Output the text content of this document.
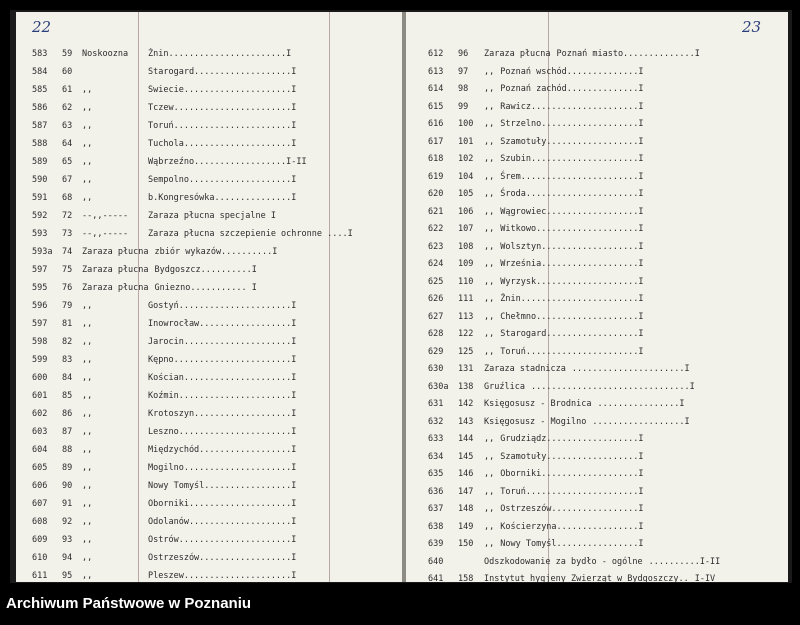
22
583	59	Noskoozna	Żnin.......................I
584	60	Starogard...................I
585	61	,,	Swiecie.....................I
586	62	,,	Tczew.......................I
587	63	,,	Toruń.......................I
588	64	,,	Tuchola.....................I
589	65	,,	Wąbrzeźno..................I-II
590	67	,,	Sempolno....................I
591	68	,,	b.Kongresówka...............I
592	72	--,,-----	Zaraza płucna specjalne I
593	73	--,,-----	Zaraza płucna szczepienie ochronne ....I
593a	74	Zaraza płucna zbiór wykazów..........I
597	75	Zaraza płucna Bydgoszcz..........I
595	76	Zaraza płucna Gniezno........... I
596	79	,,	Gostyń......................I
597	81	,,	Inowrocław..................I
598	82	,,	Jarocin.....................I
599	83	,,	Kępno.......................I
600	84	,,	Kościan.....................I
601	85	,,	Koźmin......................I
602	86	,,	Krotoszyn...................I
603	87	,,	Leszno......................I
604	88	,,	Międzychód..................I
605	89	,,	Mogilno.....................I
606	90	,,	Nowy Tomyśl.................I
607	91	,,	Oborniki....................I
608	92	,,	Odolanów....................I
609	93	,,	Ostrów......................I
610	94	,,	Ostrzeszów..................I
611	95	,,	Pleszew.....................I
23
612	96	Zaraza płucna Poznań miasto..............I
613	97	,, Poznań wschód..............I
614	98	,, Poznań zachód..............I
615	99	,, Rawicz.....................I
616	100	,, Strzelno...................I
617	101	,, Szamotuły..................I
618	102	,, Szubin.....................I
619	104	,, Śrem.......................I
620	105	,, Środa......................I
621	106	,, Wągrowiec..................I
622	107	,, Witkowo....................I
623	108	,, Wolsztyn...................I
624	109	,, Września...................I
625	110	,, Wyrzysk....................I
626	111	,, Żnin.......................I
627	113	,, Chełmno....................I
628	122	,, Starogard..................I
629	125	,, Toruń......................I
630	131	Zaraza stadnicza ......................I
630a	138	Gruźlica ...............................I
631	142	Księgosusz - Brodnica ................I
632	143	Księgosusz - Mogilno ..................I
633	144	,, Grudziądz..................I
634	145	,, Szamotuły..................I
635	146	,, Oborniki...................I
636	147	,, Toruń......................I
637	148	,, Ostrzeszów.................I
638	149	,, Kościerzyna................I
639	150	,, Nowy Tomyśl................I
640	Odszkodowanie za bydło - ogólne ..........I-II
641	158	Instytut hygjeny Zwierząt w Bydgoszczy.. I-IV
Archiwum Państwowe w Poznaniu
